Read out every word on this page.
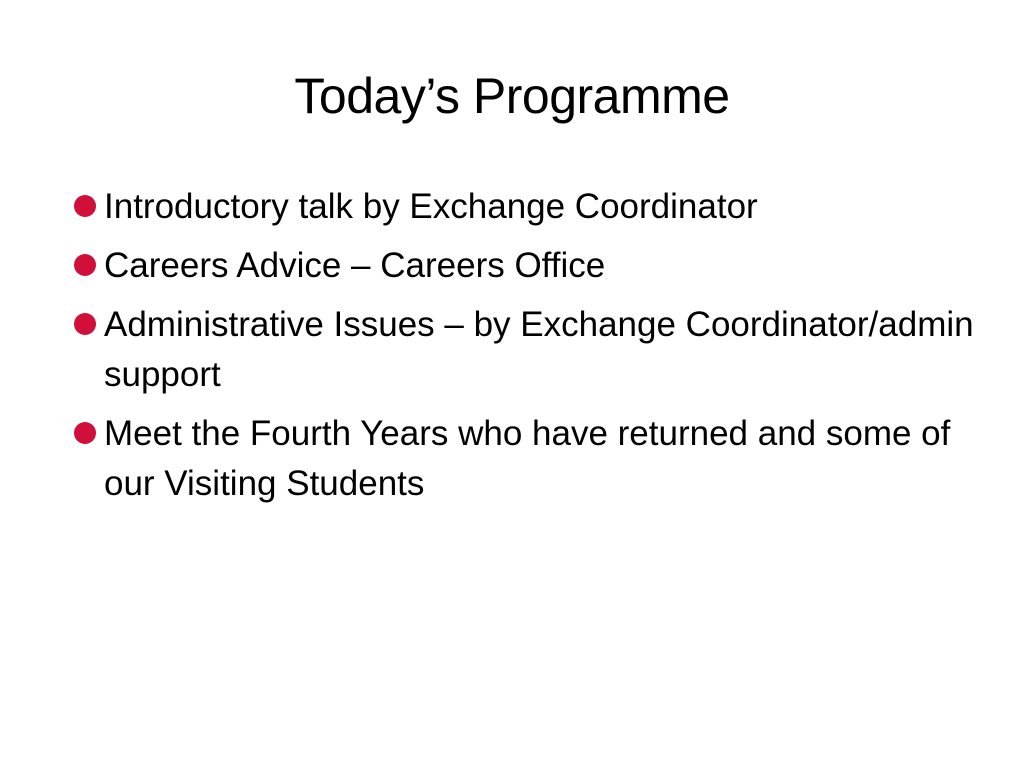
Today’s Programme
Introductory talk by Exchange Coordinator
Careers Advice – Careers Office
Administrative Issues – by Exchange Coordinator/admin support
Meet the Fourth Years who have returned and some of our Visiting Students
